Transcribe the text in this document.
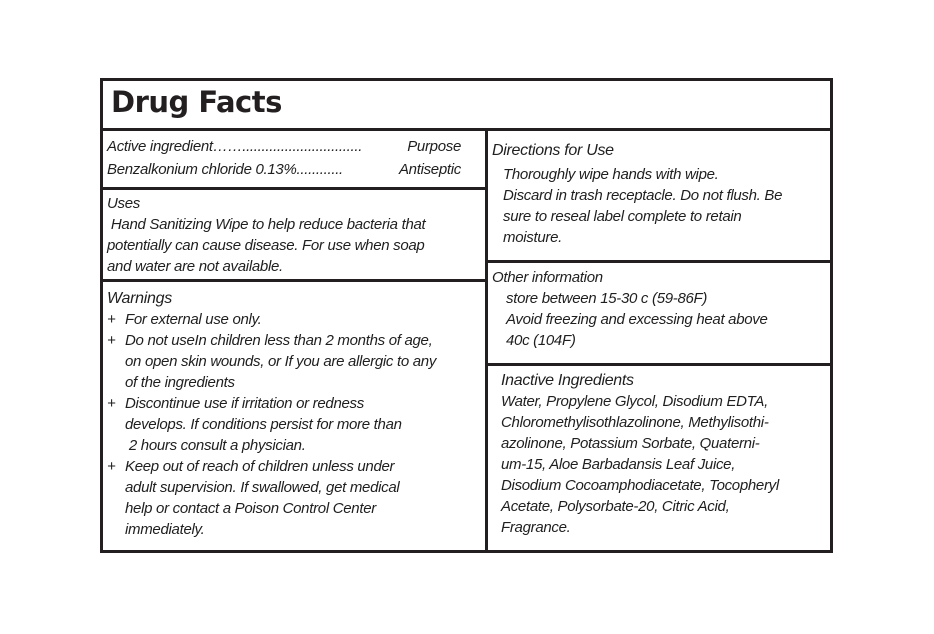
Drug Facts
Active ingredient……...............................	Purpose
Benzalkonium chloride 0.13%............	Antiseptic

Uses

Hand Sanitizing Wipe to help reduce bacteria that

potentially can cause disease. For use when soap

and water are not available.

Warnings

+ For external use only.
+ Do not useIn children less than 2 months of age,
on open skin wounds, or If you are allergic to any
of the ingredients
+ Discontinue use if irritation or redness
develops. If conditions persist for more than
2 hours consult a physician.
+ Keep out of reach of children unless under
adult supervision. If swallowed, get medical
help or contact a Poison Control Center
immediately.

Directions for Use

Thoroughly wipe hands with wipe.

Discard in trash receptacle. Do not flush. Be

sure to reseal label complete to retain

moisture.

Other information

store between 15-30 c (59-86F)

Avoid freezing and excessing heat above

40c (104F)

Inactive Ingredients

Water, Propylene Glycol, Disodium EDTA,

Chloromethylisothlazolinone, Methylisothi-

azolinone, Potassium Sorbate, Quaterni-

um-15, Aloe Barbadansis Leaf Juice,

Disodium Cocoamphodiacetate, Tocopheryl

Acetate, Polysorbate-20, Citric Acid,

Fragrance.
